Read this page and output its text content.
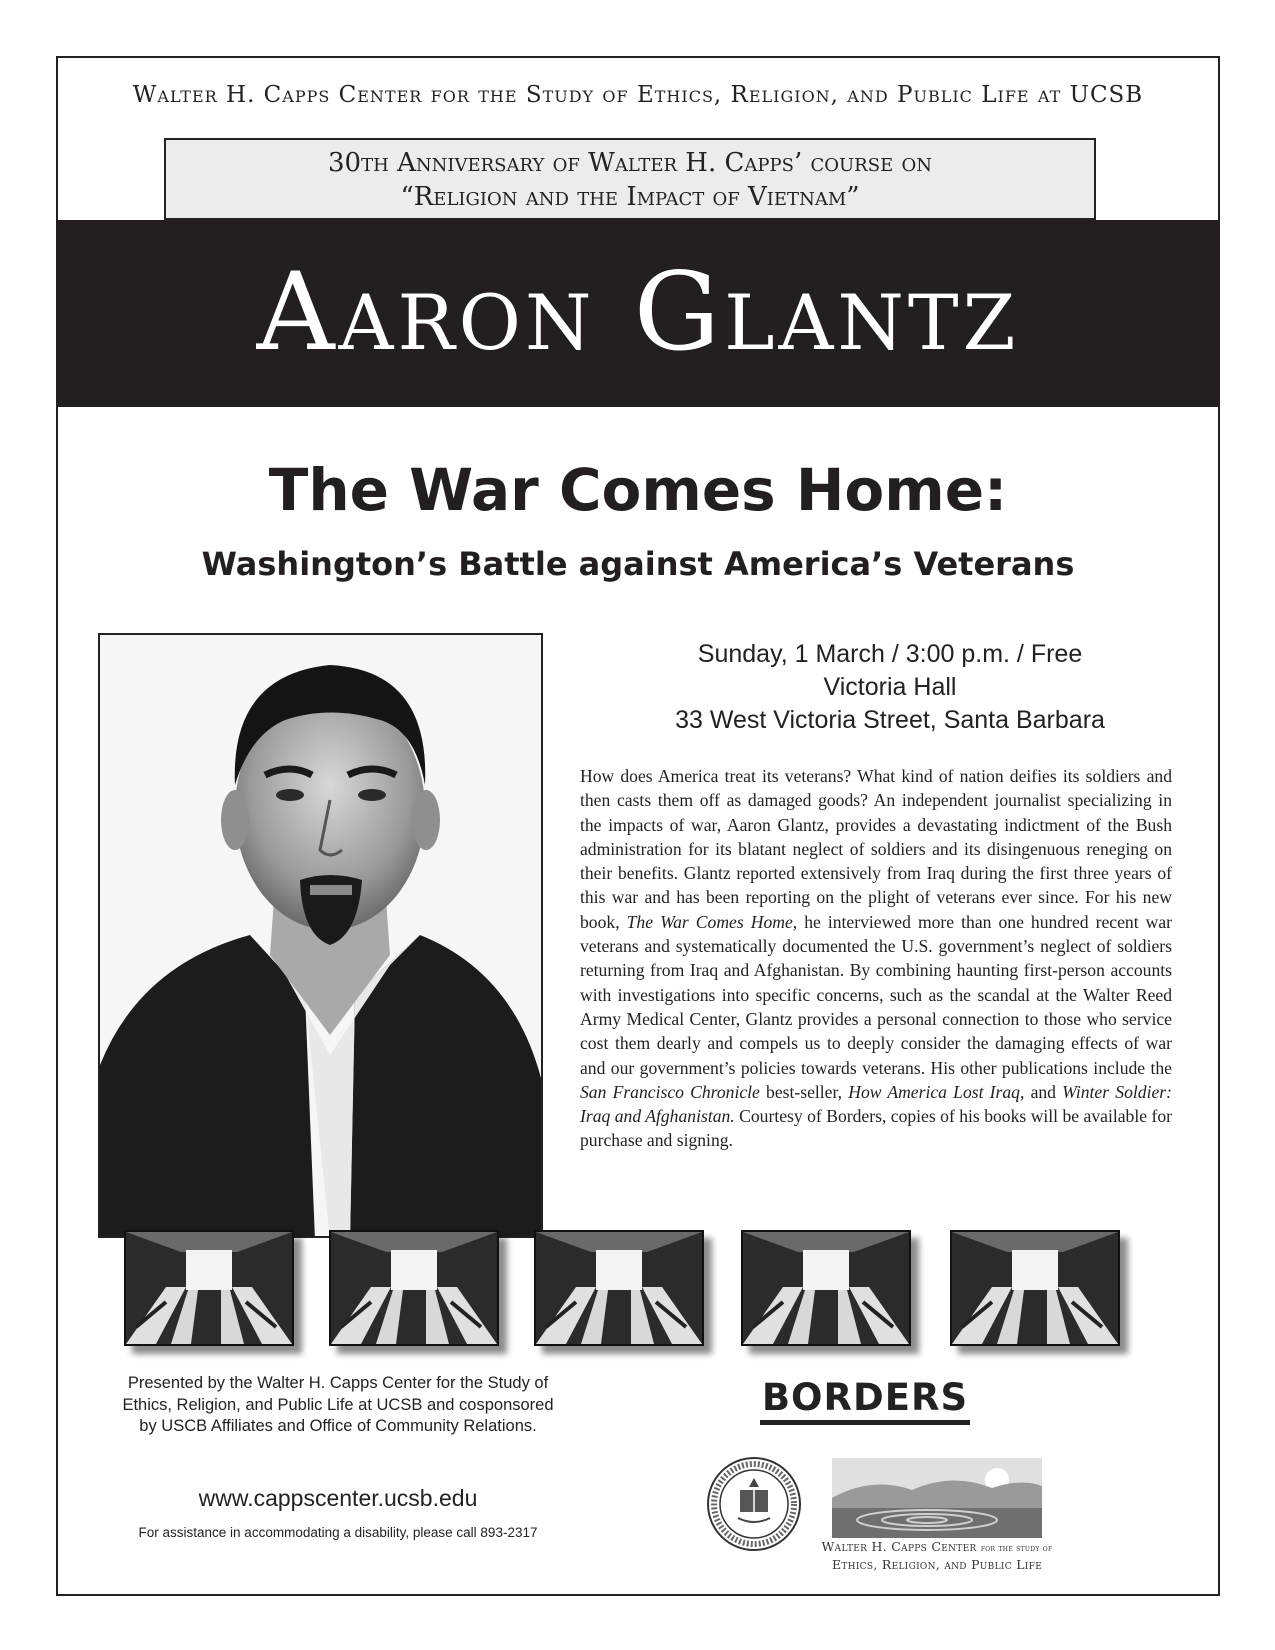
Walter H. Capps Center for the Study of Ethics, Religion, and Public Life at UCSB
Aaron Glantz
30th Anniversary of Walter H. Capps’ course on
“Religion and the Impact of Vietnam”
The War Comes Home:
Washington’s Battle against America’s Veterans
Sunday, 1 March / 3:00 p.m. / Free
Victoria Hall
33 West Victoria Street, Santa Barbara
How does America treat its veterans? What kind of nation deifies its soldiers and then casts them off as damaged goods? An independent journalist specializing in the impacts of war, Aaron Glantz, provides a devastating indictment of the Bush administration for its blatant neglect of soldiers and its disingenuous reneging on their benefits. Glantz reported extensively from Iraq during the first three years of this war and has been reporting on the plight of veterans ever since. For his new book, The War Comes Home, he interviewed more than one hundred recent war veterans and systematically documented the U.S. government’s neglect of soldiers returning from Iraq and Afghanistan. By combining haunting first-person accounts with investigations into specific concerns, such as the scandal at the Walter Reed Army Medical Center, Glantz provides a personal connection to those who service cost them dearly and compels us to deeply consider the damaging effects of war and our government’s policies towards veterans. His other publications include the San Francisco Chronicle best-seller, How America Lost Iraq, and Winter Soldier: Iraq and Afghanistan. Courtesy of Borders, copies of his books will be available for purchase and signing.
Presented by the Walter H. Capps Center for the Study of
Ethics, Religion, and Public Life at UCSB and cosponsored
by USCB Affiliates and Office of Community Relations.
www.cappscenter.ucsb.edu
For assistance in accommodating a disability, please call 893-2317
BORDERS
Walter H. Capps Center for the study of
Ethics, Religion, and Public Life
